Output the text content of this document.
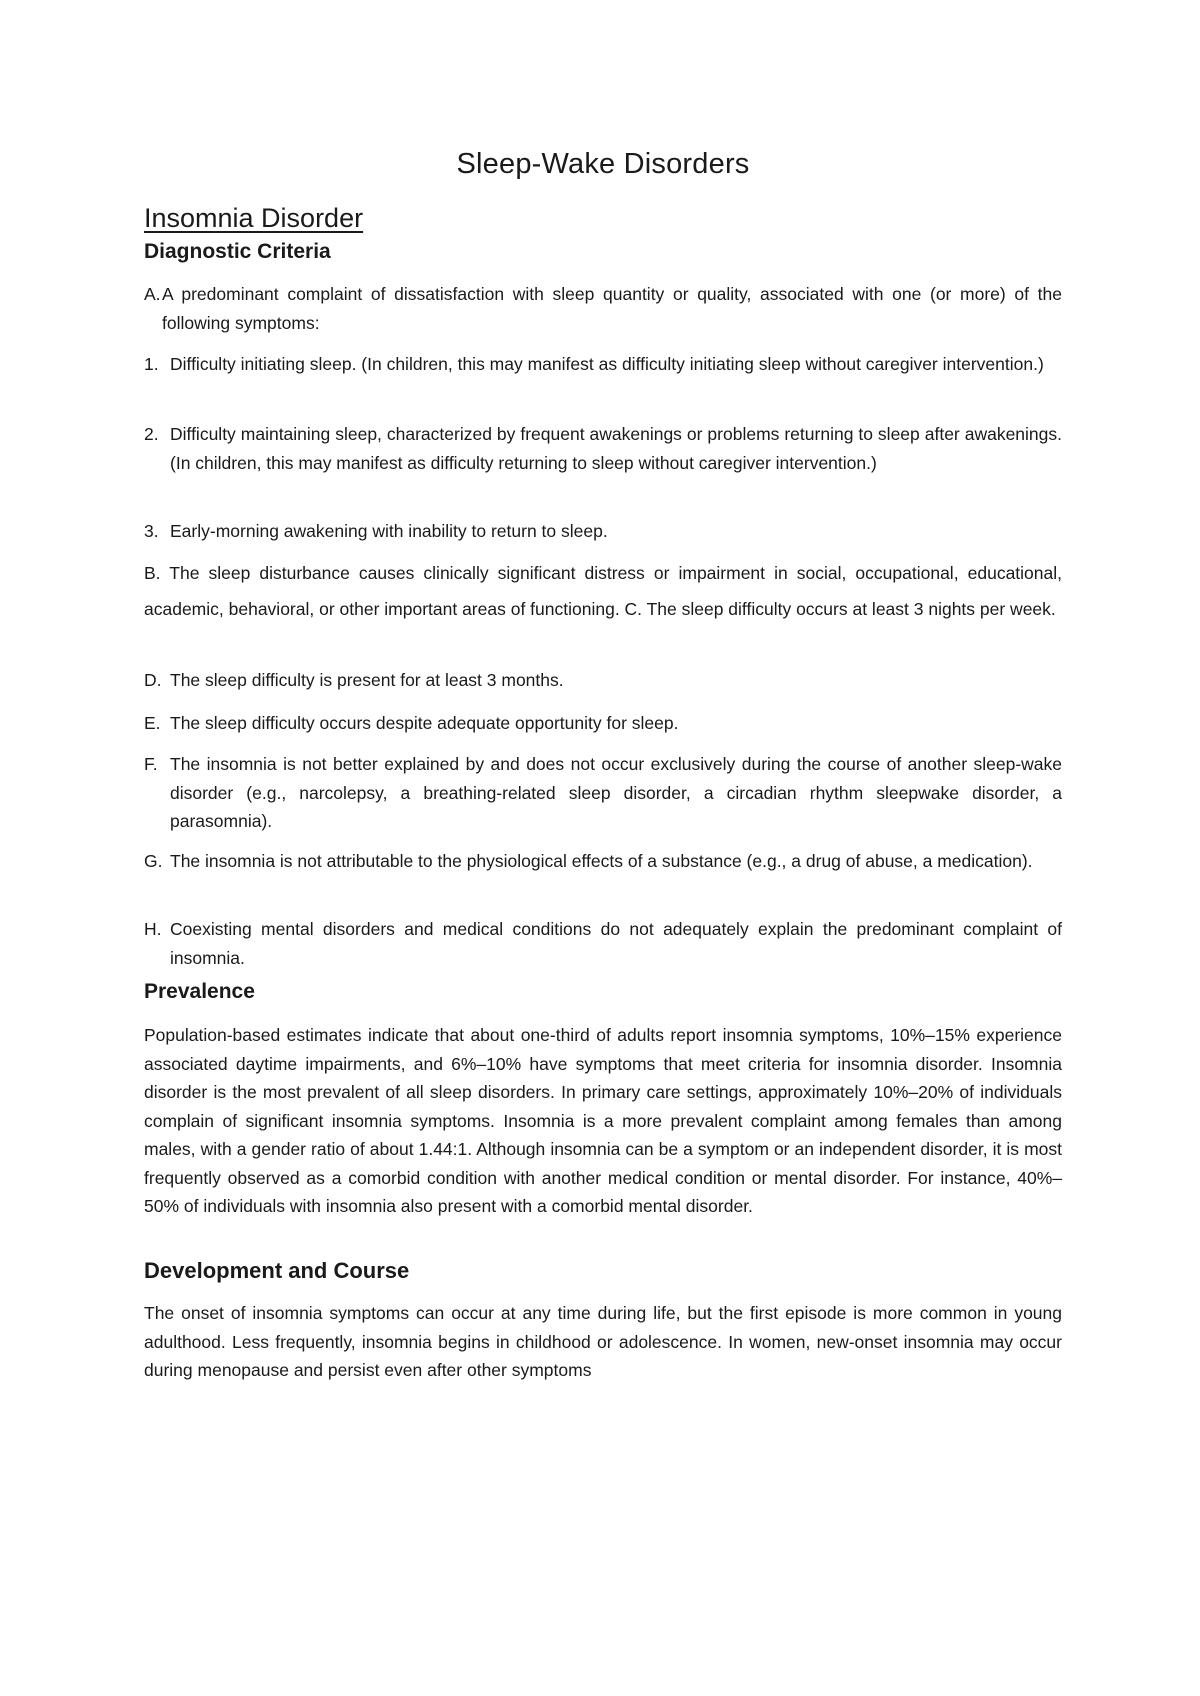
Sleep-Wake Disorders
Insomnia Disorder
Diagnostic Criteria
A. A predominant complaint of dissatisfaction with sleep quantity or quality, associated with one (or more) of the following symptoms:
1. Difficulty initiating sleep. (In children, this may manifest as difficulty initiating sleep without caregiver intervention.)
2. Difficulty maintaining sleep, characterized by frequent awakenings or problems returning to sleep after awakenings. (In children, this may manifest as difficulty returning to sleep without caregiver intervention.)
3. Early-morning awakening with inability to return to sleep.

B. The sleep disturbance causes clinically significant distress or impairment in social, occupational, educational, academic, behavioral, or other important areas of functioning. C. The sleep difficulty occurs at least 3 nights per week.

D. The sleep difficulty is present for at least 3 months.
E. The sleep difficulty occurs despite adequate opportunity for sleep.
F. The insomnia is not better explained by and does not occur exclusively during the course of another sleep-wake disorder (e.g., narcolepsy, a breathing-related sleep disorder, a circadian rhythm sleepwake disorder, a parasomnia).
G. The insomnia is not attributable to the physiological effects of a substance (e.g., a drug of abuse, a medication).
H. Coexisting mental disorders and medical conditions do not adequately explain the predominant complaint of insomnia.
Prevalence

Population-based estimates indicate that about one-third of adults report insomnia symptoms, 10%–15% experience associated daytime impairments, and 6%–10% have symptoms that meet criteria for insomnia disorder. Insomnia disorder is the most prevalent of all sleep disorders. In primary care settings, approximately 10%–20% of individuals complain of significant insomnia symptoms. Insomnia is a more prevalent complaint among females than among males, with a gender ratio of about 1.44:1. Although insomnia can be a symptom or an independent disorder, it is most frequently observed as a comorbid condition with another medical condition or mental disorder. For instance, 40%–50% of individuals with insomnia also present with a comorbid mental disorder.

Development and Course

The onset of insomnia symptoms can occur at any time during life, but the first episode is more common in young adulthood. Less frequently, insomnia begins in childhood or adolescence. In women, new-onset insomnia may occur during menopause and persist even after other symptoms
